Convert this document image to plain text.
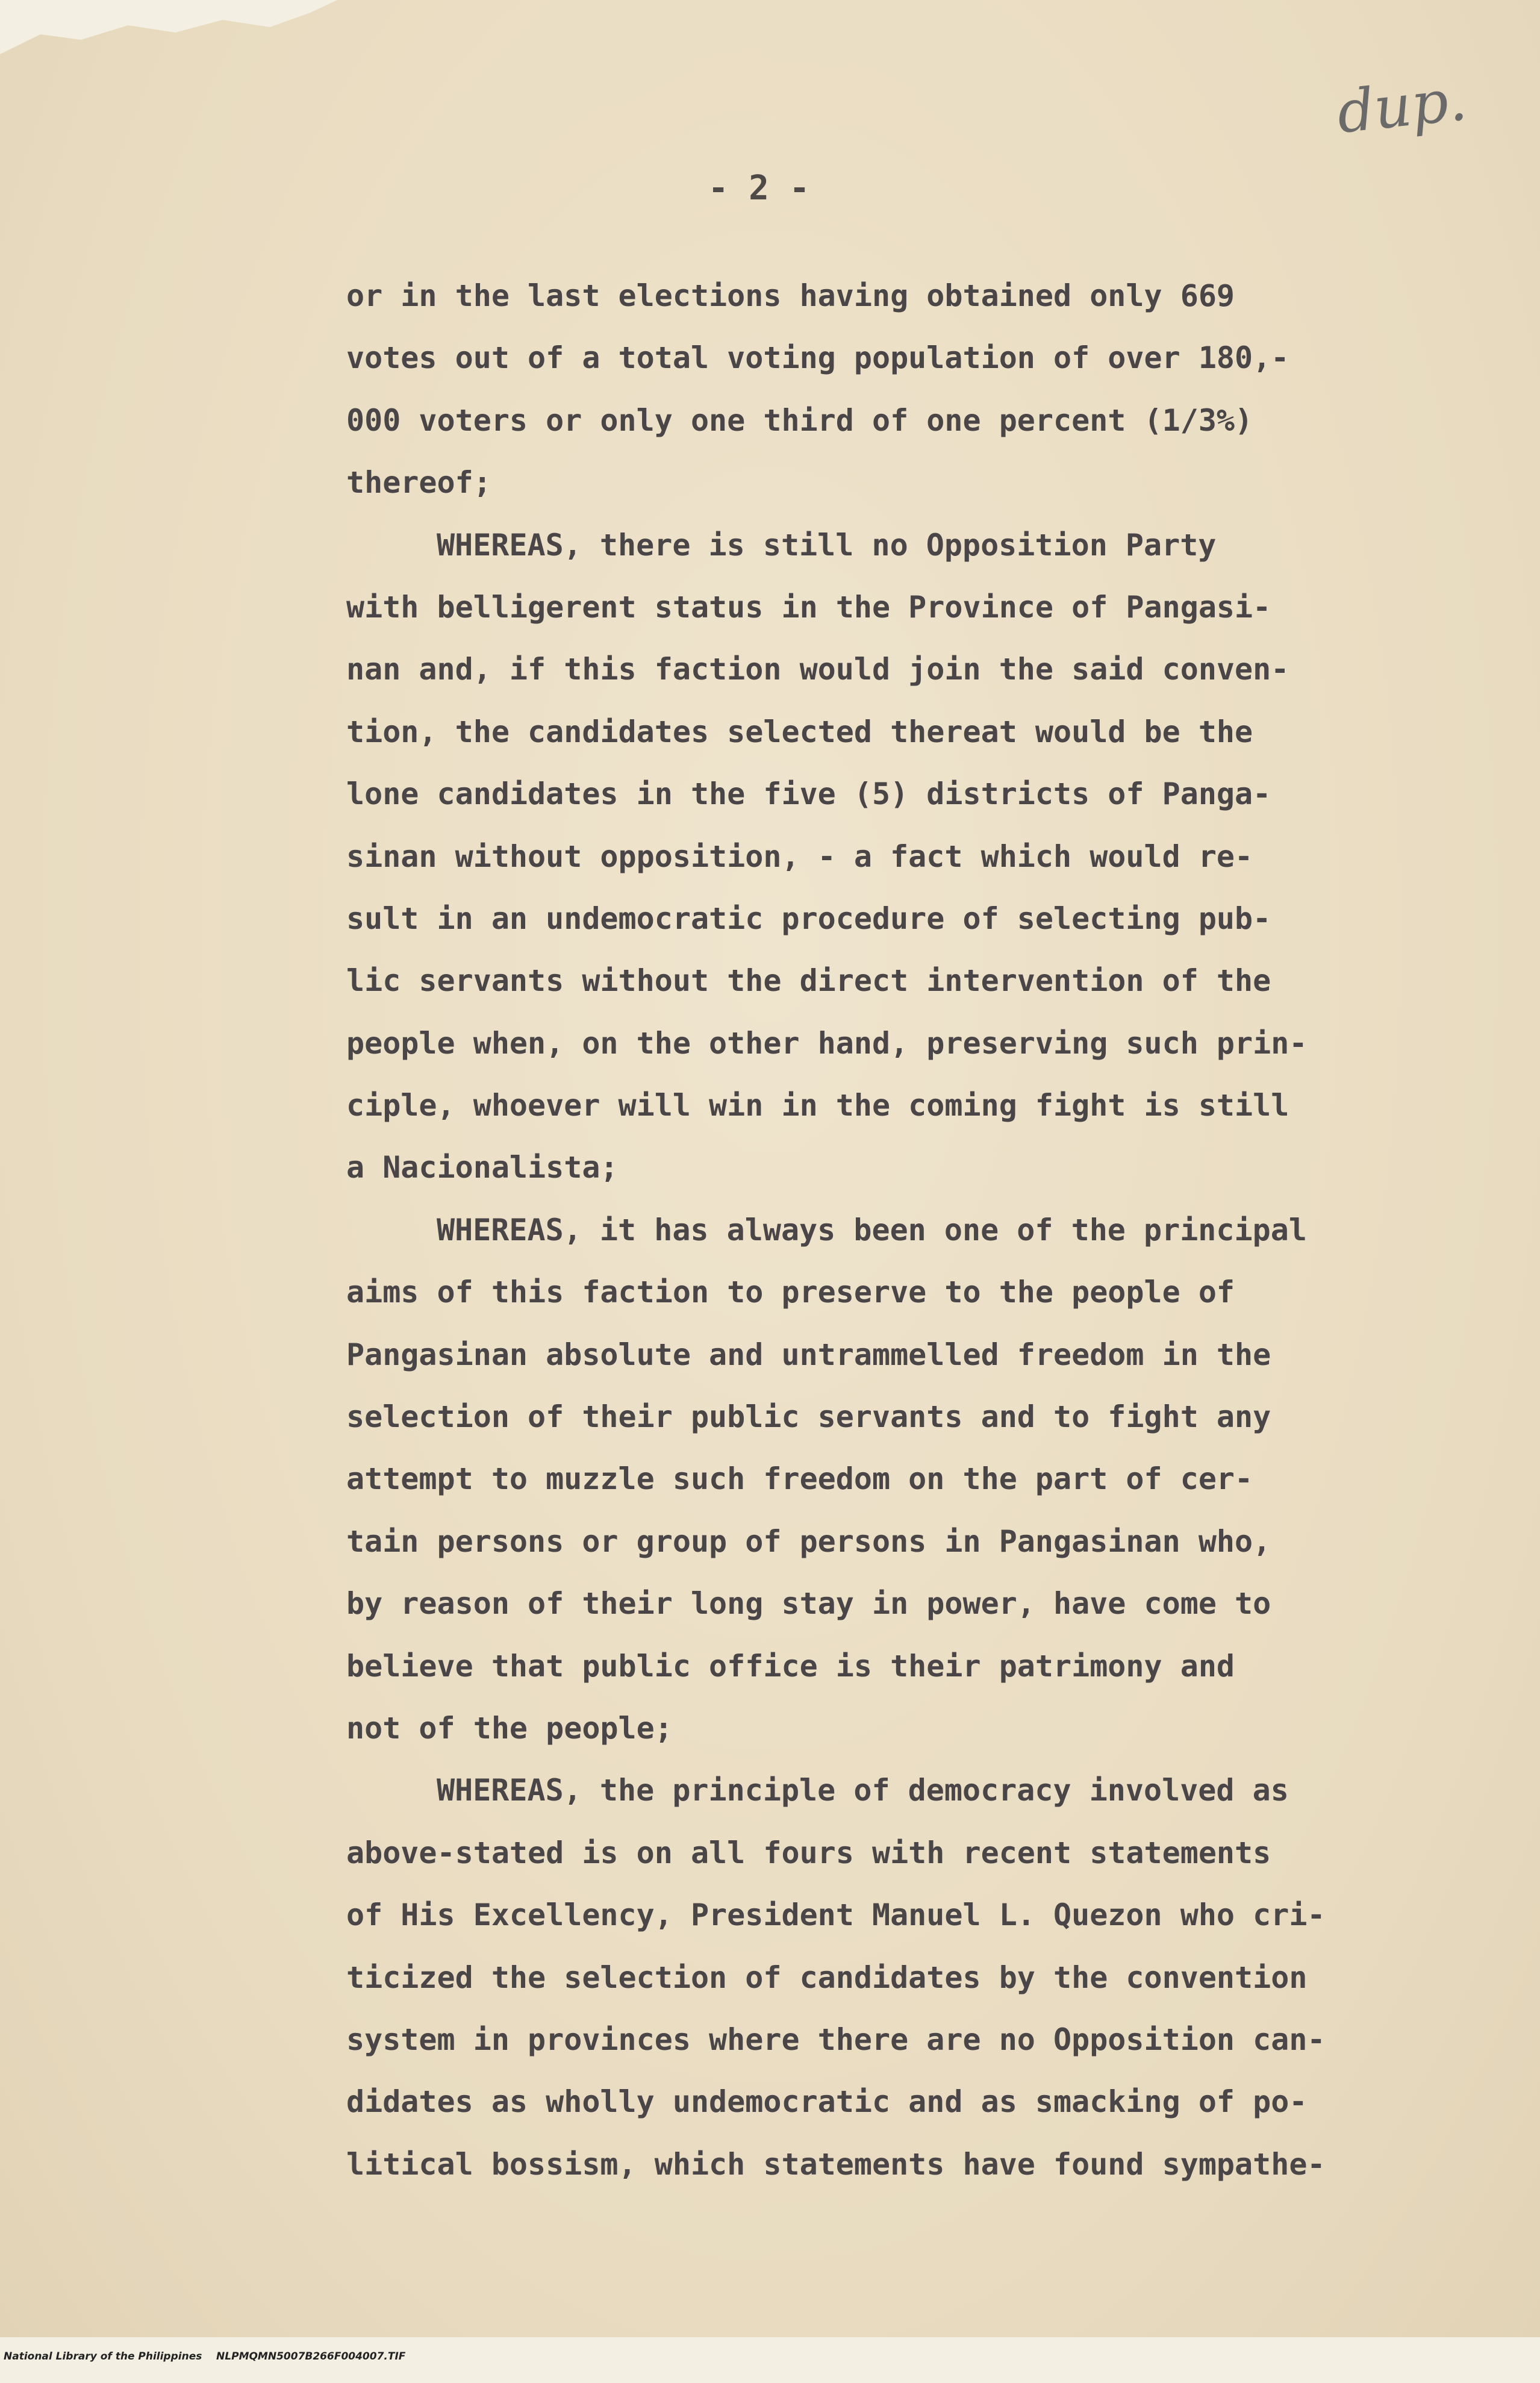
dup.
- 2 -
or in the last elections having obtained only 669
votes out of a total voting population of over 180,-
000 voters or only one third of one percent (1/3%)
thereof;
WHEREAS, there is still no Opposition Party
with belligerent status in the Province of Pangasi-
nan and, if this faction would join the said conven-
tion, the candidates selected thereat would be the
lone candidates in the five (5) districts of Panga-
sinan without opposition, - a fact which would re-
sult in an undemocratic procedure of selecting pub-
lic servants without the direct intervention of the
people when, on the other hand, preserving such prin-
ciple, whoever will win in the coming fight is still
a Nacionalista;
WHEREAS, it has always been one of the principal
aims of this faction to preserve to the people of
Pangasinan absolute and untrammelled freedom in the
selection of their public servants and to fight any
attempt to muzzle such freedom on the part of cer-
tain persons or group of persons in Pangasinan who,
by reason of their long stay in power, have come to
believe that public office is their patrimony and
not of the people;
WHEREAS, the principle of democracy involved as
above-stated is on all fours with recent statements
of His Excellency, President Manuel L. Quezon who cri-
ticized the selection of candidates by the convention
system in provinces where there are no Opposition can-
didates as wholly undemocratic and as smacking of po-
litical bossism, which statements have found sympathe-
National Library of the Philippines NLPMQMN5007B266F004007.TIF
